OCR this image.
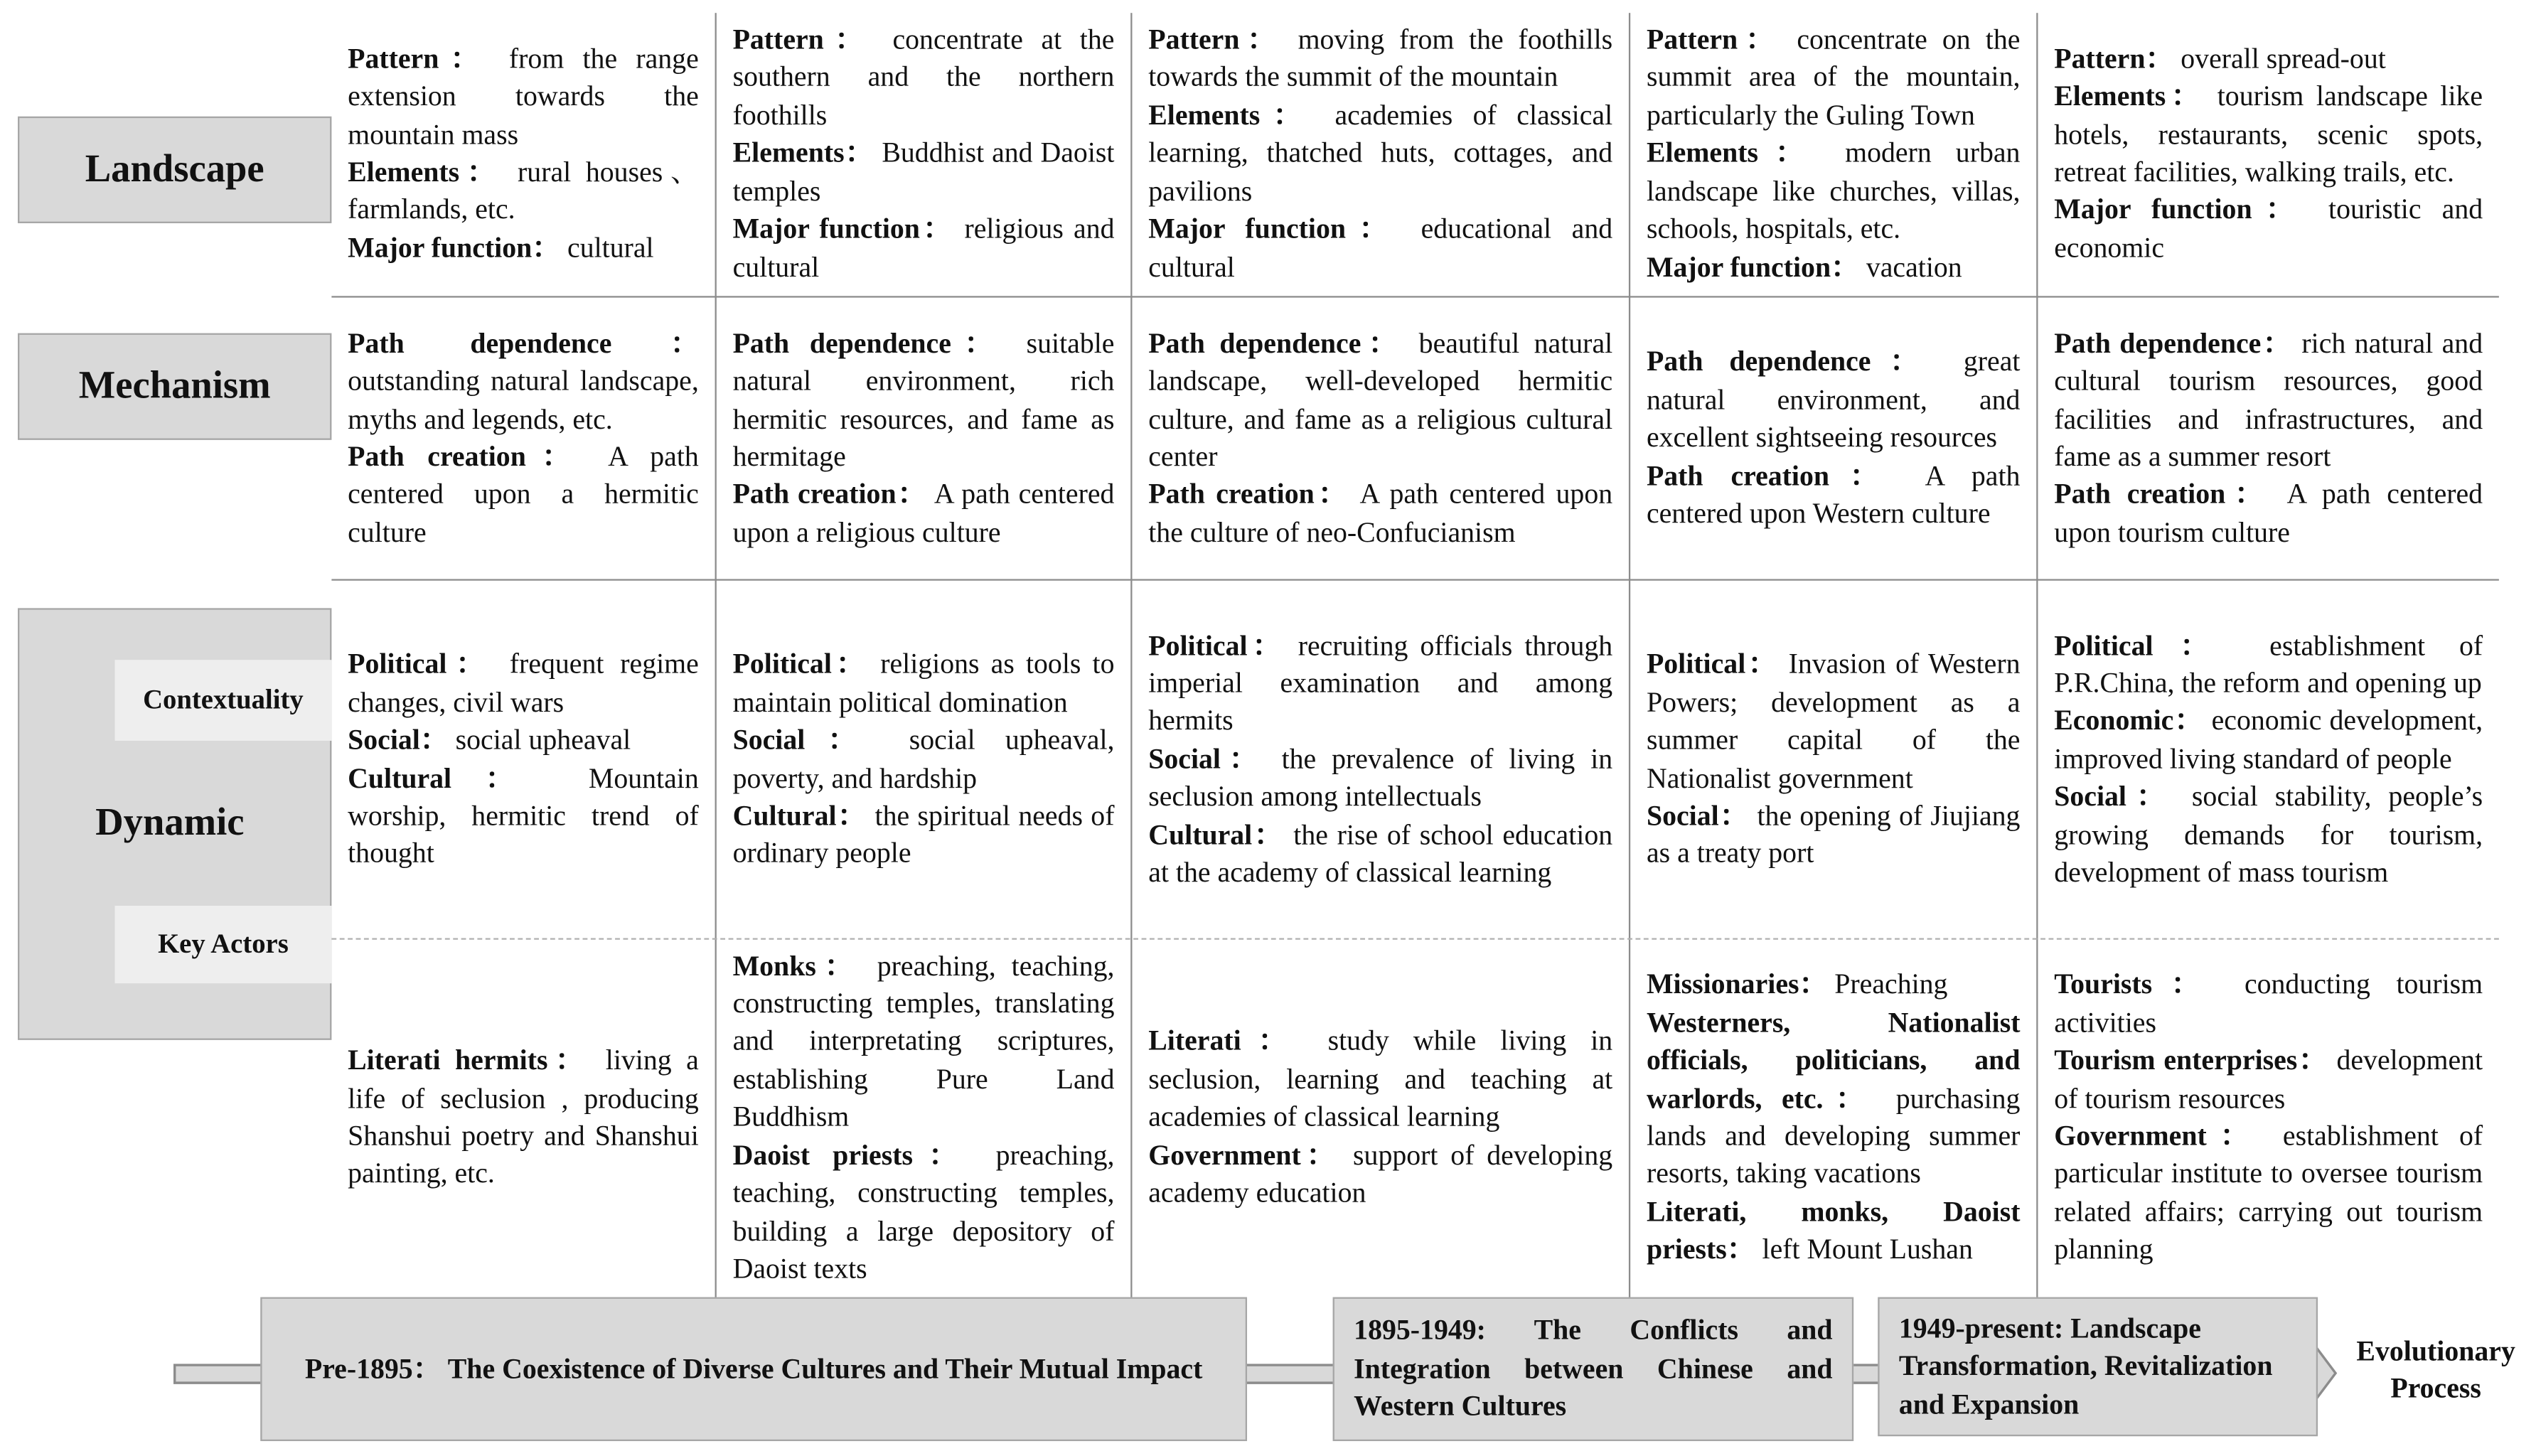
Landscape
Mechanism
Dynamic
Contextuality
Key Actors

Pattern： from the range extension towards the mountain mass

Elements： rural houses、farmlands, etc.

Major function： cultural

Pattern： concentrate at the southern and the northern foothills

Elements： Buddhist and Daoist temples

Major function： religious and cultural

Pattern： moving from the foothills towards the summit of the mountain

Elements： academies of classical learning, thatched huts, cottages, and pavilions

Major function： educational and cultural

Pattern： concentrate on the summit area of the mountain, particularly the Guling Town

Elements： modern urban landscape like churches, villas, schools, hospitals, etc.

Major function： vacation

Pattern： overall spread-out

Elements： tourism landscape like hotels, restaurants, scenic spots, retreat facilities, walking trails, etc.

Major function： touristic and economic

Path dependence： outstanding natural landscape, myths and legends, etc.

Path creation： A path centered upon a hermitic culture

Path dependence： suitable natural environment, rich hermitic resources, and fame as hermitage

Path creation： A path centered upon a religious culture

Path dependence： beautiful natural landscape, well-developed hermitic culture, and fame as a religious cultural center

Path creation： A path centered upon the culture of neo-Confucianism

Path dependence： great natural environment, and excellent sightseeing resources

Path creation： A path centered upon Western culture

Path dependence： rich natural and cultural tourism resources, good facilities and infrastructures, and fame as a summer resort

Path creation： A path centered upon tourism culture

Political： frequent regime changes, civil wars

Social： social upheaval

Cultural： Mountain worship, hermitic trend of thought

Political： religions as tools to maintain political domination

Social： social upheaval, poverty, and hardship

Cultural： the spiritual needs of ordinary people

Political： recruiting officials through imperial examination and among hermits

Social： the prevalence of living in seclusion among intellectuals

Cultural： the rise of school education at the academy of classical learning

Political： Invasion of Western Powers; development as a summer capital of the Nationalist government

Social： the opening of Jiujiang as a treaty port

Political： establishment of P.R.China, the reform and opening up

Economic： economic development, improved living standard of people

Social： social stability, people’s growing demands for tourism, development of mass tourism

Literati hermits： living a life of seclusion , producing Shanshui poetry and Shanshui painting, etc.

Monks： preaching, teaching, constructing temples, translating and interpretating scriptures, establishing Pure Land Buddhism

Daoist priests： preaching, teaching, constructing temples, building a large depository of Daoist texts

Literati： study while living in seclusion, learning and teaching at academies of classical learning

Government： support of developing academy education

Missionaries： Preaching

Westerners, Nationalist officials, politicians, and warlords, etc.： purchasing lands and developing summer resorts, taking vacations

Literati, monks, Daoist priests： left Mount Lushan

Tourists： conducting tourism activities

Tourism enterprises： development of tourism resources

Government： establishment of particular institute to oversee tourism related affairs; carrying out tourism planning

Pre-1895： The Coexistence of Diverse Cultures and Their Mutual Impact
1895-1949: The Conflicts and Integration between Chinese and Western Cultures
1949-present: Landscape Transformation, Revitalization and Expansion
Evolutionary Process
